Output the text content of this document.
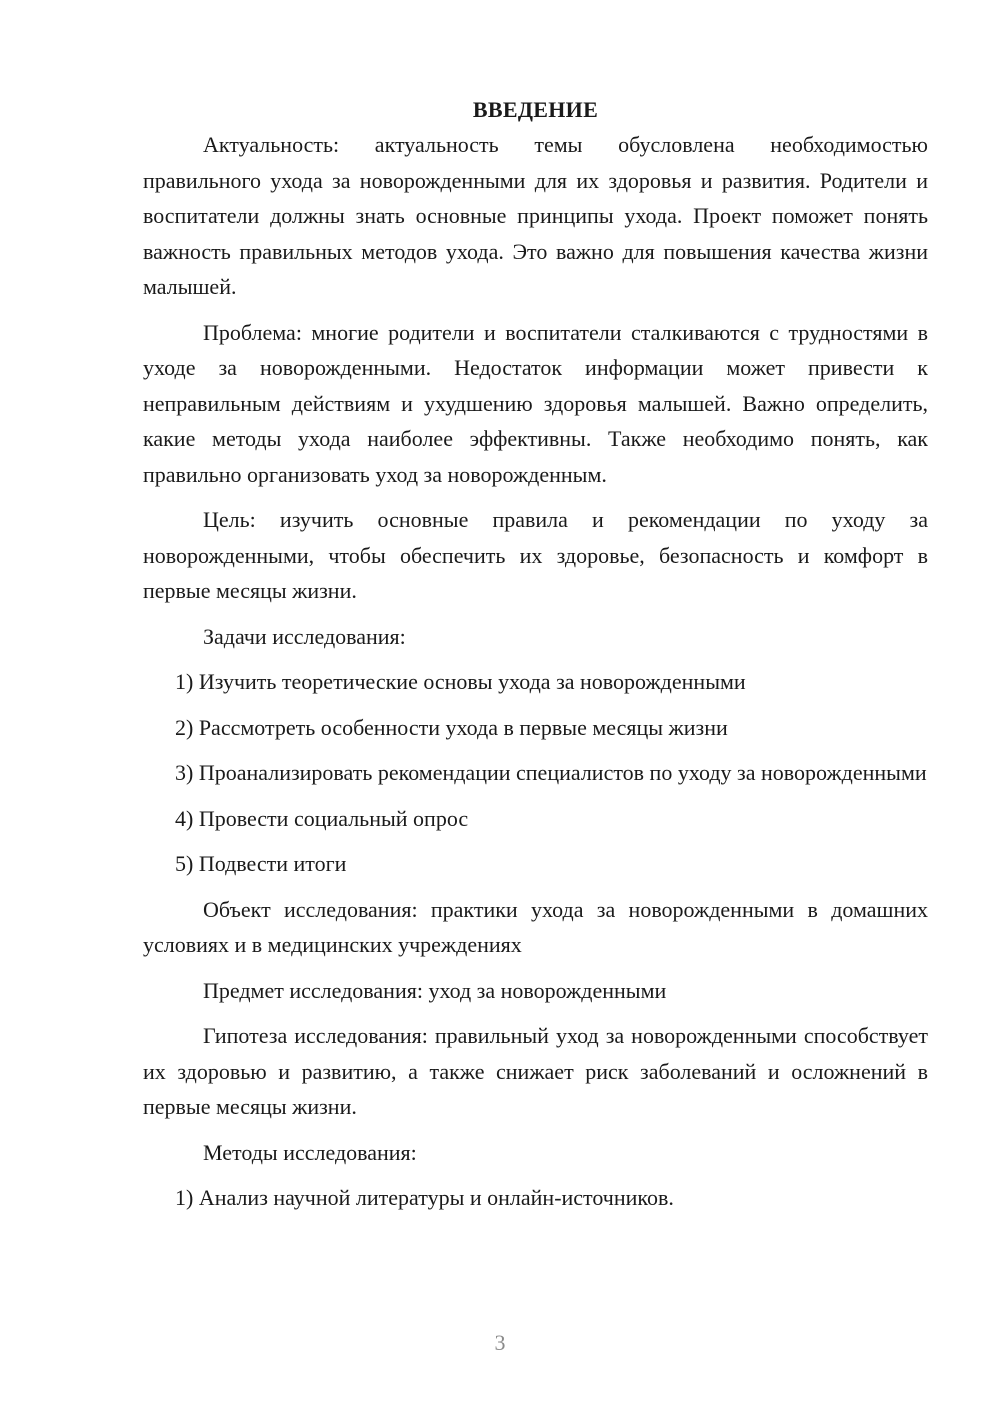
ВВЕДЕНИЕ

Актуальность: актуальность темы обусловлена необходимостью правильного ухода за новорожденными для их здоровья и развития. Родители и воспитатели должны знать основные принципы ухода. Проект поможет понять важность правильных методов ухода. Это важно для повышения качества жизни малышей.

Проблема: многие родители и воспитатели сталкиваются с трудностями в уходе за новорожденными. Недостаток информации может привести к неправильным действиям и ухудшению здоровья малышей. Важно определить, какие методы ухода наиболее эффективны. Также необходимо понять, как правильно организовать уход за новорожденным.

Цель: изучить основные правила и рекомендации по уходу за новорожденными, чтобы обеспечить их здоровье, безопасность и комфорт в первые месяцы жизни.

Задачи исследования:

1) Изучить теоретические основы ухода за новорожденными

2) Рассмотреть особенности ухода в первые месяцы жизни

3) Проанализировать рекомендации специалистов по уходу за новорожденными

4) Провести социальный опрос

5) Подвести итоги

Объект исследования: практики ухода за новорожденными в домашних условиях и в медицинских учреждениях

Предмет исследования: уход за новорожденными

Гипотеза исследования: правильный уход за новорожденными способствует их здоровью и развитию, а также снижает риск заболеваний и осложнений в первые месяцы жизни.

Методы исследования:

1) Анализ научной литературы и онлайн-источников.

3
